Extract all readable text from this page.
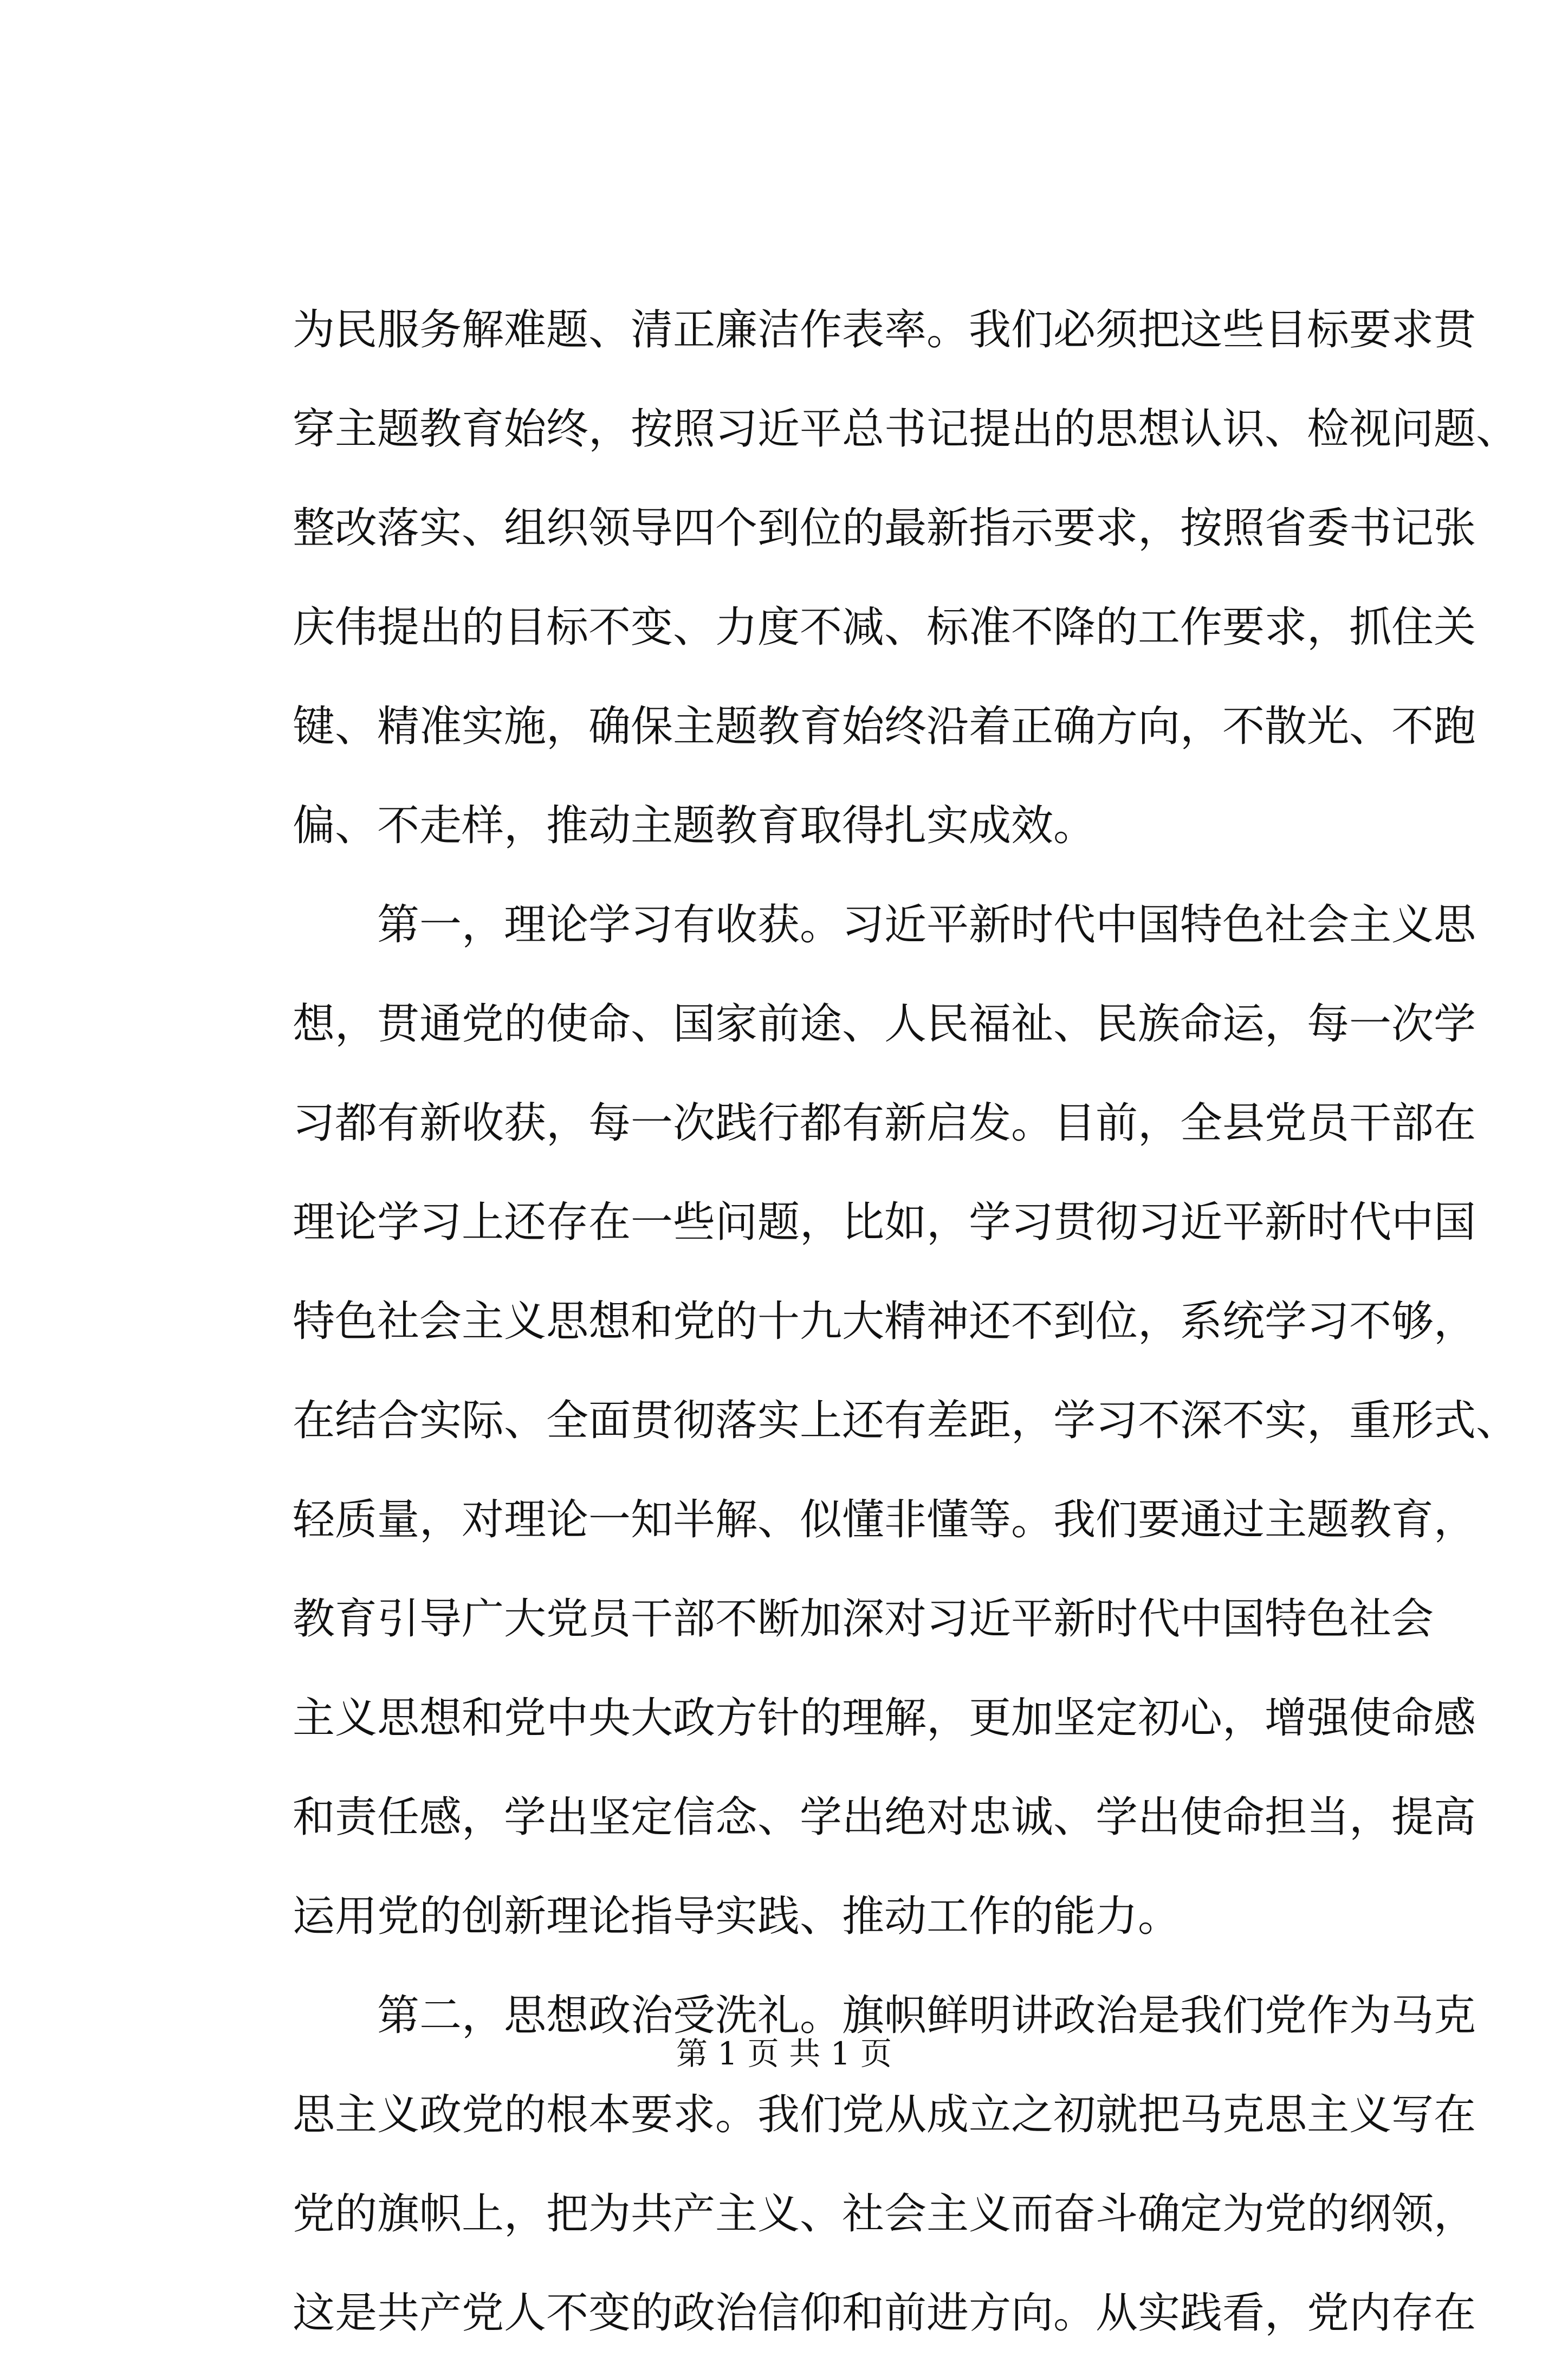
为民服务解难题、清正廉洁作表率。我们必须把这些目标要求贯
穿主题教育始终，按照习近平总书记提出的思想认识、检视问题、
整改落实、组织领导四个到位的最新指示要求，按照省委书记张
庆伟提出的目标不变、力度不减、标准不降的工作要求，抓住关
键、精准实施，确保主题教育始终沿着正确方向，不散光、不跑
偏、不走样，推动主题教育取得扎实成效。
第一，理论学习有收获。习近平新时代中国特色社会主义思
想，贯通党的使命、国家前途、人民福祉、民族命运，每一次学
习都有新收获，每一次践行都有新启发。目前，全县党员干部在
理论学习上还存在一些问题，比如，学习贯彻习近平新时代中国
特色社会主义思想和党的十九大精神还不到位，系统学习不够，
在结合实际、全面贯彻落实上还有差距，学习不深不实，重形式、
轻质量，对理论一知半解、似懂非懂等。我们要通过主题教育，
教育引导广大党员干部不断加深对习近平新时代中国特色社会
主义思想和党中央大政方针的理解，更加坚定初心，增强使命感
和责任感，学出坚定信念、学出绝对忠诚、学出使命担当，提高
运用党的创新理论指导实践、推动工作的能力。
第二，思想政治受洗礼。旗帜鲜明讲政治是我们党作为马克
思主义政党的根本要求。我们党从成立之初就把马克思主义写在
党的旗帜上，把为共产主义、社会主义而奋斗确定为党的纲领，
这是共产党人不变的政治信仰和前进方向。从实践看，党内存在
第 1 页 共 1 页
